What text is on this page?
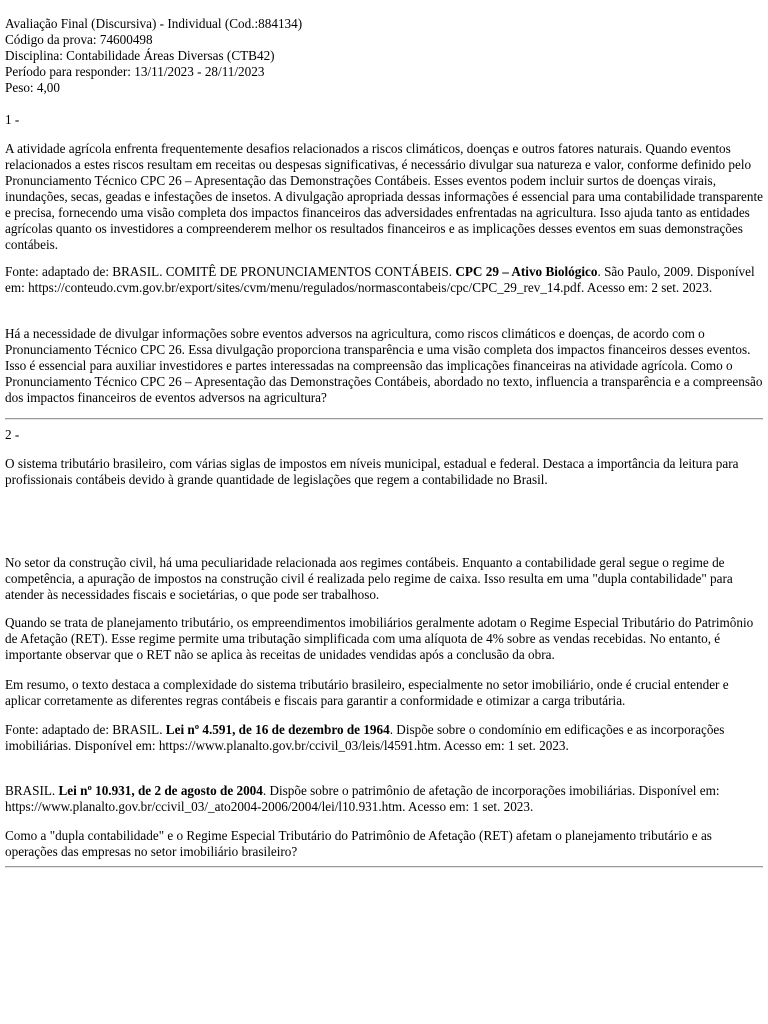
Avaliação Final (Discursiva) - Individual (Cod.:884134)

Código da prova: 74600498

Disciplina: Contabilidade Áreas Diversas (CTB42)

Período para responder: 13/11/2023 - 28/11/2023

Peso: 4,00

1 -

A atividade agrícola enfrenta frequentemente desafios relacionados a riscos climáticos, doenças e outros fatores naturais. Quando eventos relacionados a estes riscos resultam em receitas ou despesas significativas, é necessário divulgar sua natureza e valor, conforme definido pelo Pronunciamento Técnico CPC 26 – Apresentação das Demonstrações Contábeis. Esses eventos podem incluir surtos de doenças virais, inundações, secas, geadas e infestações de insetos. A divulgação apropriada dessas informações é essencial para uma contabilidade transparente e precisa, fornecendo uma visão completa dos impactos financeiros das adversidades enfrentadas na agricultura. Isso ajuda tanto as entidades agrícolas quanto os investidores a compreenderem melhor os resultados financeiros e as implicações desses eventos em suas demonstrações contábeis.

Fonte: adaptado de: BRASIL. COMITÊ DE PRONUNCIAMENTOS CONTÁBEIS. CPC 29 – Ativo Biológico. São Paulo, 2009. Disponível em: https://conteudo.cvm.gov.br/export/sites/cvm/menu/regulados/normascontabeis/cpc/CPC_29_rev_14.pdf. Acesso em: 2 set. 2023.

Há a necessidade de divulgar informações sobre eventos adversos na agricultura, como riscos climáticos e doenças, de acordo com o Pronunciamento Técnico CPC 26. Essa divulgação proporciona transparência e uma visão completa dos impactos financeiros desses eventos. Isso é essencial para auxiliar investidores e partes interessadas na compreensão das implicações financeiras na atividade agrícola. Como o Pronunciamento Técnico CPC 26 – Apresentação das Demonstrações Contábeis, abordado no texto, influencia a transparência e a compreensão dos impactos financeiros de eventos adversos na agricultura?

2 -

O sistema tributário brasileiro, com várias siglas de impostos em níveis municipal, estadual e federal. Destaca a importância da leitura para profissionais contábeis devido à grande quantidade de legislações que regem a contabilidade no Brasil.

No setor da construção civil, há uma peculiaridade relacionada aos regimes contábeis. Enquanto a contabilidade geral segue o regime de competência, a apuração de impostos na construção civil é realizada pelo regime de caixa. Isso resulta em uma "dupla contabilidade" para atender às necessidades fiscais e societárias, o que pode ser trabalhoso.

Quando se trata de planejamento tributário, os empreendimentos imobiliários geralmente adotam o Regime Especial Tributário do Patrimônio de Afetação (RET). Esse regime permite uma tributação simplificada com uma alíquota de 4% sobre as vendas recebidas. No entanto, é importante observar que o RET não se aplica às receitas de unidades vendidas após a conclusão da obra.

Em resumo, o texto destaca a complexidade do sistema tributário brasileiro, especialmente no setor imobiliário, onde é crucial entender e aplicar corretamente as diferentes regras contábeis e fiscais para garantir a conformidade e otimizar a carga tributária.

Fonte: adaptado de: BRASIL. Lei nº 4.591, de 16 de dezembro de 1964. Dispõe sobre o condomínio em edificações e as incorporações imobiliárias. Disponível em: https://www.planalto.gov.br/ccivil_03/leis/l4591.htm. Acesso em: 1 set. 2023.

BRASIL. Lei nº 10.931, de 2 de agosto de 2004. Dispõe sobre o patrimônio de afetação de incorporações imobiliárias. Disponível em: https://www.planalto.gov.br/ccivil_03/_ato2004-2006/2004/lei/l10.931.htm. Acesso em: 1 set. 2023.

Como a "dupla contabilidade" e o Regime Especial Tributário do Patrimônio de Afetação (RET) afetam o planejamento tributário e as operações das empresas no setor imobiliário brasileiro?
